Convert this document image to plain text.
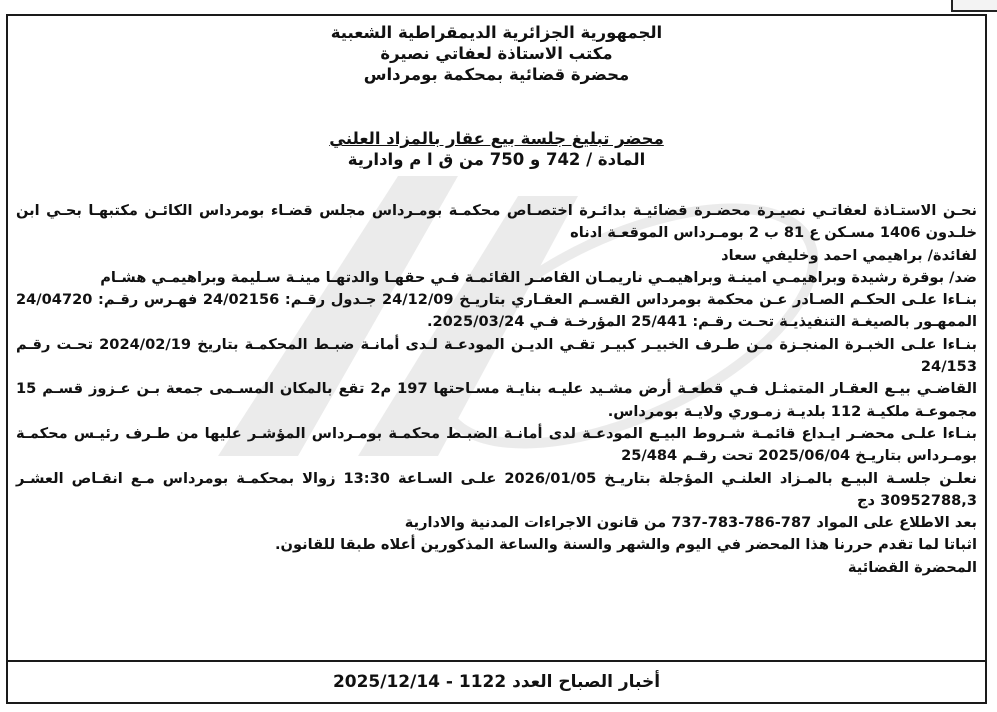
الجمهورية الجزائرية الديمقراطية الشعبية
مكتب الاستاذة لعفاتي نصيرة
محضرة قضائية بمحكمة بومرداس
محضر تبليغ جلسة بيع عقار بالمزاد العلني
المادة / 742 و 750 من ق ا م وادارية

نحـن الاستـاذة لعفاتـي نصيـرة محضـرة قضائيـة بدائـرة اختصـاص محكمـة بومـرداس مجلس قضـاء بومرداس الكائـن مكتبهـا بحـي ابن خلـدون 1406 مسـكن ع 81 ب 2 بومـرداس الموقعـة ادناه

لفائدة/ براهيمي احمد وخليفي سعاد

ضد/ بوقرة رشيدة وبراهيمـي امينـة وبراهيمـي ناريمـان القاصـر القائمـة فـي حقهـا والدتهـا مينـة سـليمة وبراهيمـي هشـام

بنـاءا علـى الحكـم الصـادر عـن محكمة بومرداس القسـم العقـاري بتاريـخ 24/12/09 جـدول رقـم: 24/02156 فهـرس رقـم: 24/04720 الممهـور بالصيغـة التنفيذيـة تحـت رقـم: 25/441 المؤرخـة فـي 2025/03/24.

بنـاءا علـى الخبـرة المنجـزة مـن طـرف الخبيـر كبيـر تقـي الديـن المودعـة لـدى أمانـة ضبـط المحكمـة بتاريخ 2024/02/19 تحـت رقـم 24/153

القاضـي بيـع العقـار المتمثـل فـي قطعـة أرض مشـيد عليـه بنايـة مسـاحتها 197 م2 تقع بالمكان المسـمى جمعة بـن عـزوز قسـم 15 مجموعـة ملكيـة 112 بلديـة زمـوري ولايـة بومرداس.

بنـاءا علـى محضـر ايـداع قائمـة شـروط البيـع المودعـة لدى أمانـة الضبـط محكمـة بومـرداس المؤشـر عليها من طـرف رئيـس محكمـة بومـرداس بتاريـخ 2025/06/04 تحت رقـم 25/484

نعلـن جلسـة البيـع بالمـزاد العلنـي المؤجلة بتاريـخ 2026/01/05 علـى السـاعة 13:30 زوالا بمحكمـة بومرداس مـع انقـاص العشـر 30952788,3 دج

بعد الاطلاع على المواد 787-786-783-737 من قانون الاجراءات المدنية والادارية

اثباتا لما تقدم حررنا هذا المحضر في اليوم والشهر والسنة والساعة المذكورين أعلاه طبقا للقانون.

المحضرة القضائية

أخبار الصباح العدد 1122 - 2025/12/14
